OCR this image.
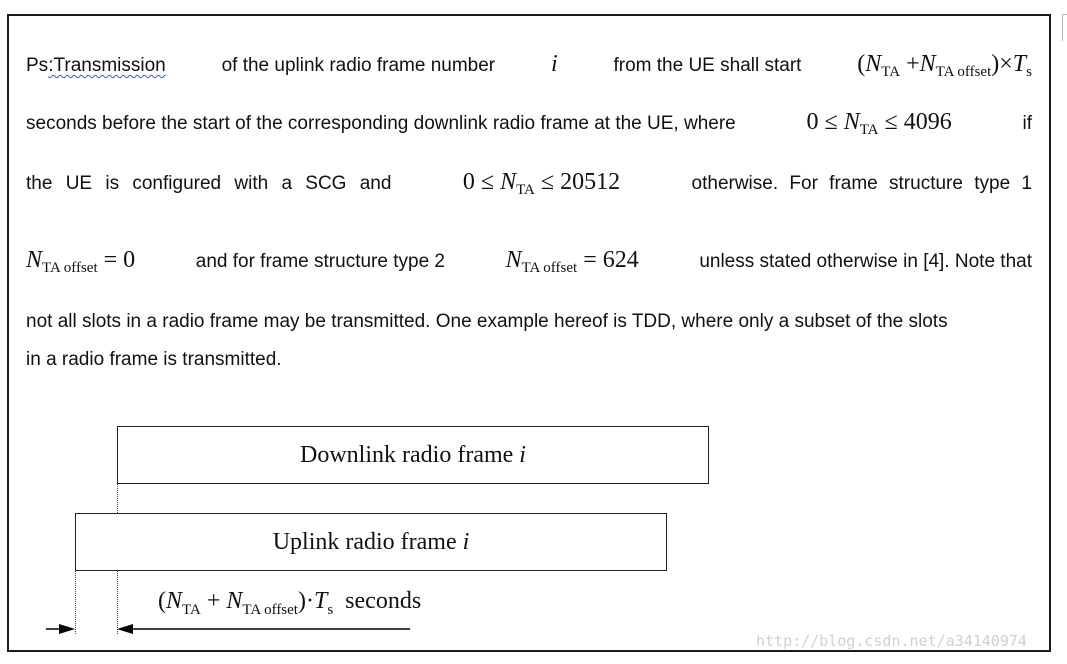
Ps:Transmission	of the uplink radio frame number i	from the UE shall start $(N_{TA} +N_{TA offset})\times T_s$
seconds before the start of the corresponding downlink radio frame at the UE, where	$0 \le N_{TA} \le 4096$	if
the UE is configured with a SCG and	$0 \le N_{TA} \le 20512$	otherwise. For frame structure type 1
$N_{TA offset} = 0$	and for frame structure type 2	$N_{TA offset} = 624$	unless stated otherwise in [4]. Note that
not all slots in a radio frame may be transmitted. One example hereof is TDD, where only a subset of the slots
in a radio frame is transmitted.
Downlink radio frame i
Uplink radio frame i
$(N_{TA} + N_{TA offset})\cdot T_s$ seconds
http://blog.csdn.net/a34140974
